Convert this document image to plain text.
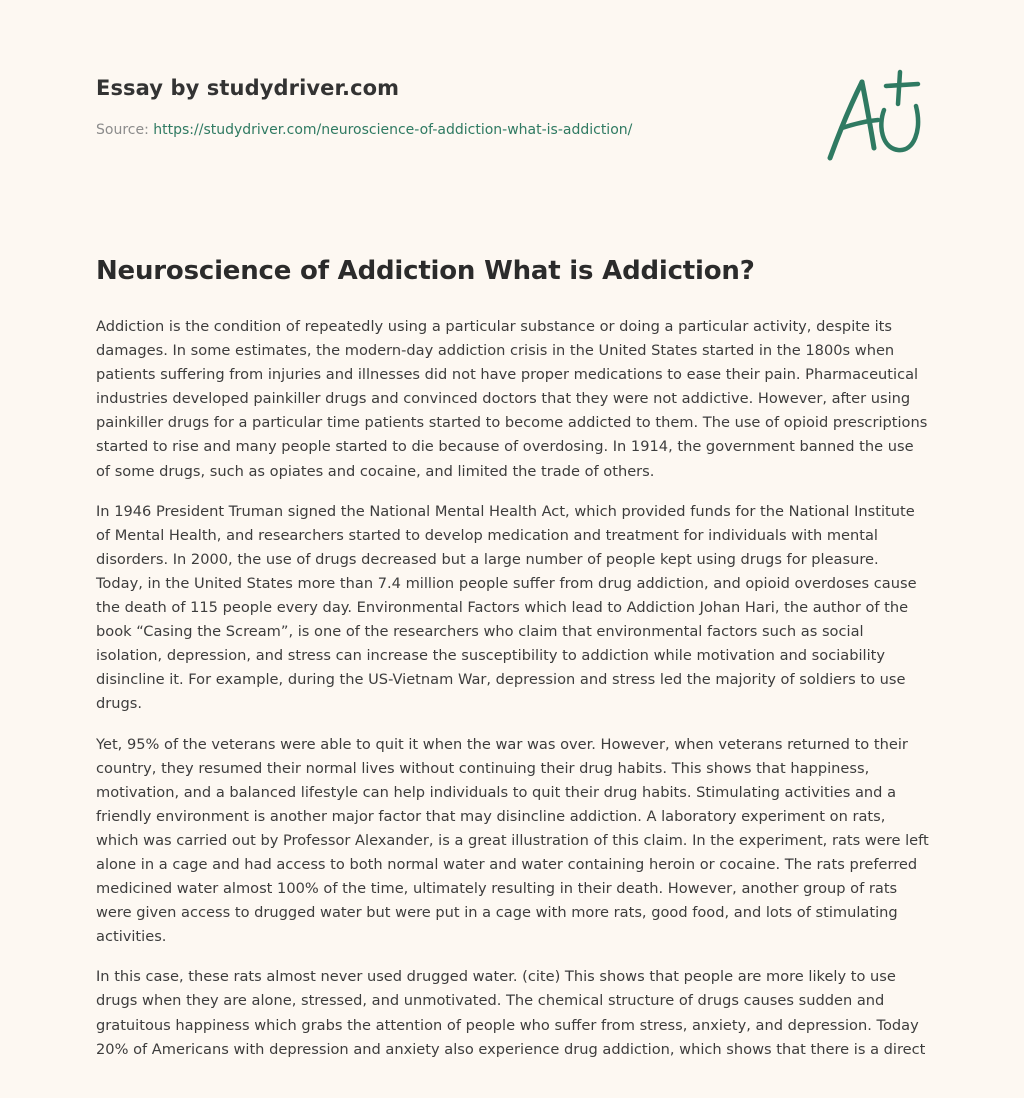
Essay by studydriver.com
Source: https://studydriver.com/neuroscience-of-addiction-what-is-addiction/
Neuroscience of Addiction What is Addiction?

Addiction is the condition of repeatedly using a particular substance or doing a particular activity, despite its damages. In some estimates, the modern-day addiction crisis in the United States started in the 1800s when patients suffering from injuries and illnesses did not have proper medications to ease their pain. Pharmaceutical industries developed painkiller drugs and convinced doctors that they were not addictive. However, after using painkiller drugs for a particular time patients started to become addicted to them. The use of opioid prescriptions started to rise and many people started to die because of overdosing. In 1914, the government banned the use of some drugs, such as opiates and cocaine, and limited the trade of others.

In 1946 President Truman signed the National Mental Health Act, which provided funds for the National Institute of Mental Health, and researchers started to develop medication and treatment for individuals with mental disorders. In 2000, the use of drugs decreased but a large number of people kept using drugs for pleasure. Today, in the United States more than 7.4 million people suffer from drug addiction, and opioid overdoses cause the death of 115 people every day. Environmental Factors which lead to Addiction Johan Hari, the author of the book “Casing the Scream”, is one of the researchers who claim that environmental factors such as social isolation, depression, and stress can increase the susceptibility to addiction while motivation and sociability disincline it. For example, during the US-Vietnam War, depression and stress led the majority of soldiers to use drugs.

Yet, 95% of the veterans were able to quit it when the war was over. However, when veterans returned to their country, they resumed their normal lives without continuing their drug habits. This shows that happiness, motivation, and a balanced lifestyle can help individuals to quit their drug habits. Stimulating activities and a friendly environment is another major factor that may disincline addiction. A laboratory experiment on rats, which was carried out by Professor Alexander, is a great illustration of this claim. In the experiment, rats were left alone in a cage and had access to both normal water and water containing heroin or cocaine. The rats preferred medicined water almost 100% of the time, ultimately resulting in their death. However, another group of rats were given access to drugged water but were put in a cage with more rats, good food, and lots of stimulating activities.

In this case, these rats almost never used drugged water. (cite) This shows that people are more likely to use drugs when they are alone, stressed, and unmotivated. The chemical structure of drugs causes sudden and gratuitous happiness which grabs the attention of people who suffer from stress, anxiety, and depression. Today 20% of Americans with depression and anxiety also experience drug addiction, which shows that there is a direct
